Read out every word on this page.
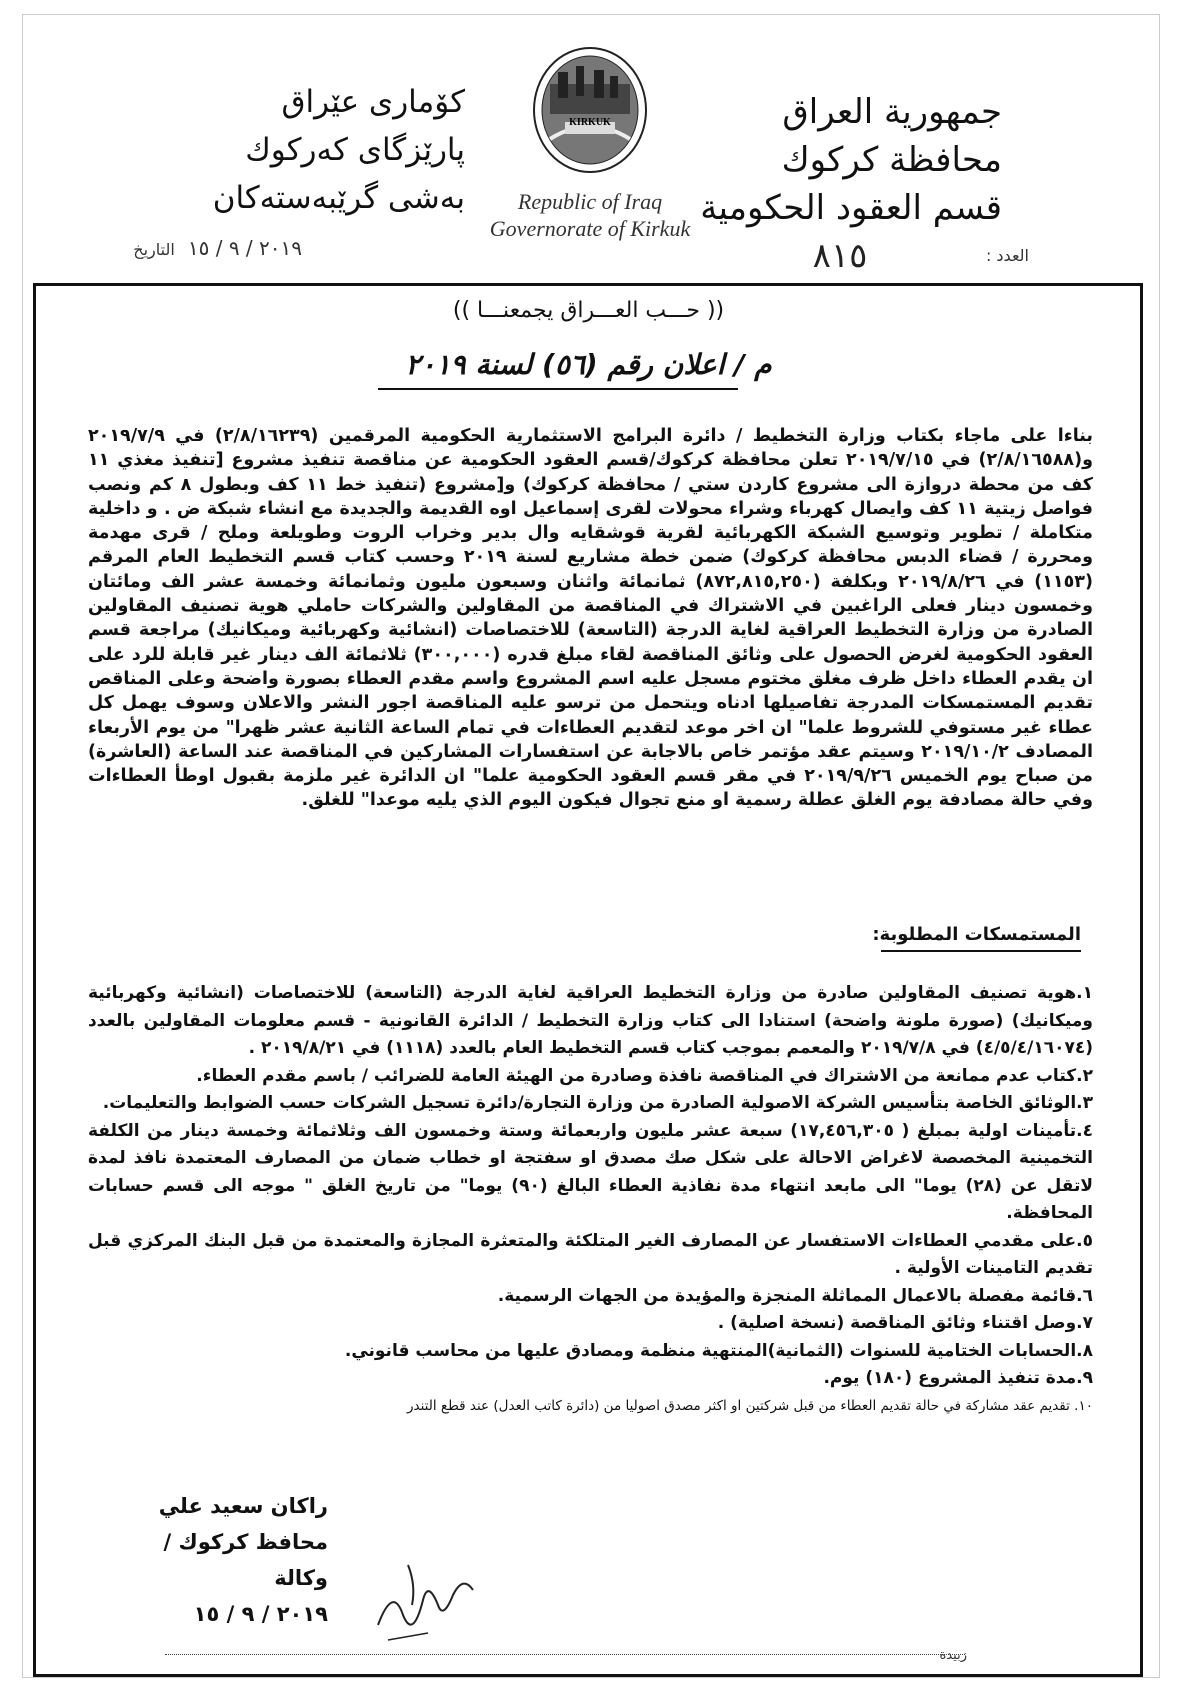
جمهورية العراق
محافظة كركوك
قسم العقود الحكومية
كۆمارى عێراق
پارێزگاى كەركوك
بەشی گرێبەستەكان
KIRKUK
Republic of Iraq
Governorate of Kirkuk
العدد :
٨١٥
٢٠١٩ / ٩ / ١٥ التاريخ
(( حـــب العـــراق يجمعنـــا ))
م / اعلان رقم (٥٦) لسنة ٢٠١٩
بناءا على ماجاء بكتاب وزارة التخطيط / دائرة البرامج الاستثمارية الحكومية المرقمين (٢/٨/١٦٢٣٩) في ٢٠١٩/٧/٩ و(٢/٨/١٦٥٨٨) في ٢٠١٩/٧/١٥ تعلن محافظة كركوك/قسم العقود الحكومية عن مناقصة تنفيذ مشروع [تنفيذ مغذي ١١ كف من محطة دروازة الى مشروع كاردن ستي / محافظة كركوك) و[مشروع (تنفيذ خط ١١ كف وبطول ٨ كم ونصب فواصل زيتية ١١ كف وايصال كهرباء وشراء محولات لقرى إسماعيل اوه القديمة والجديدة مع انشاء شبكة ض . و داخلية متكاملة / تطوير وتوسيع الشبكة الكهربائية لقرية قوشقايه وال بدير وخراب الروت وطويلعة وملح / قرى مهدمة ومحررة / قضاء الدبس محافظة كركوك) ضمن خطة مشاريع لسنة ٢٠١٩ وحسب كتاب قسم التخطيط العام المرقم (١١٥٣) في ٢٠١٩/٨/٢٦ وبكلفة (٨٧٢,٨١٥,٢٥٠) ثمانمائة واثنان وسبعون مليون وثمانمائة وخمسة عشر الف ومائتان وخمسون دينار فعلى الراغبين في الاشتراك في المناقصة من المقاولين والشركات حاملي هوية تصنيف المقاولين الصادرة من وزارة التخطيط العراقية لغاية الدرجة (التاسعة) للاختصاصات (انشائية وكهربائية وميكانيك) مراجعة قسم العقود الحكومية لغرض الحصول على وثائق المناقصة لقاء مبلغ قدره (٣٠٠,٠٠٠) ثلاثمائة الف دينار غير قابلة للرد على ان يقدم العطاء داخل ظرف مغلق مختوم مسجل عليه اسم المشروع واسم مقدم العطاء بصورة واضحة وعلى المناقص تقديم المستمسكات المدرجة تفاصيلها ادناه ويتحمل من ترسو عليه المناقصة اجور النشر والاعلان وسوف يهمل كل عطاء غير مستوفي للشروط علما" ان اخر موعد لتقديم العطاءات في تمام الساعة الثانية عشر ظهرا" من يوم الأربعاء المصادف ٢٠١٩/١٠/٢ وسيتم عقد مؤتمر خاص بالاجابة عن استفسارات المشاركين في المناقصة عند الساعة (العاشرة) من صباح يوم الخميس ٢٠١٩/٩/٢٦ في مقر قسم العقود الحكومية علما" ان الدائرة غير ملزمة بقبول اوطأ العطاءات وفي حالة مصادفة يوم الغلق عطلة رسمية او منع تجوال فيكون اليوم الذي يليه موعدا" للغلق.
المستمسكات المطلوبة:
١.هوية تصنيف المقاولين صادرة من وزارة التخطيط العراقية لغاية الدرجة (التاسعة) للاختصاصات (انشائية وكهربائية وميكانيك) (صورة ملونة واضحة) استنادا الى كتاب وزارة التخطيط / الدائرة القانونية - قسم معلومات المقاولين بالعدد (٤/٥/٤/١٦٠٧٤) في ٢٠١٩/٧/٨ والمعمم بموجب كتاب قسم التخطيط العام بالعدد (١١١٨) في ٢٠١٩/٨/٢١ .
٢.كتاب عدم ممانعة من الاشتراك في المناقصة نافذة وصادرة من الهيئة العامة للضرائب / باسم مقدم العطاء.
٣.الوثائق الخاصة بتأسيس الشركة الاصولية الصادرة من وزارة التجارة/دائرة تسجيل الشركات حسب الضوابط والتعليمات.
٤.تأمينات اولية بمبلغ ( ١٧,٤٥٦,٣٠٥) سبعة عشر مليون واربعمائة وستة وخمسون الف وثلاثمائة وخمسة دينار من الكلفة التخمينية المخصصة لاغراض الاحالة على شكل صك مصدق او سفتجة او خطاب ضمان من المصارف المعتمدة نافذ لمدة لاتقل عن (٢٨) يوما" الى مابعد انتهاء مدة نفاذية العطاء البالغ (٩٠) يوما" من تاريخ الغلق " موجه الى قسم حسابات المحافظة.
٥.على مقدمي العطاءات الاستفسار عن المصارف الغير المتلكئة والمتعثرة المجازة والمعتمدة من قبل البنك المركزي قبل تقديم التامينات الأولية .
٦.قائمة مفصلة بالاعمال المماثلة المنجزة والمؤيدة من الجهات الرسمية.
٧.وصل اقتناء وثائق المناقصة (نسخة اصلية) .
٨.الحسابات الختامية للسنوات (الثمانية)المنتهية منظمة ومصادق عليها من محاسب قانوني.
٩.مدة تنفيذ المشروع (١٨٠) يوم.
١٠. تقديم عقد مشاركة في حالة تقديم العطاء من قبل شركتين او اكثر مصدق اصوليا من (دائرة كاتب العدل) عند قطع التندر
راكان سعيد علي
محافظ كركوك / وكالة
٢٠١٩ / ٩ / ١٥
زبيدة
